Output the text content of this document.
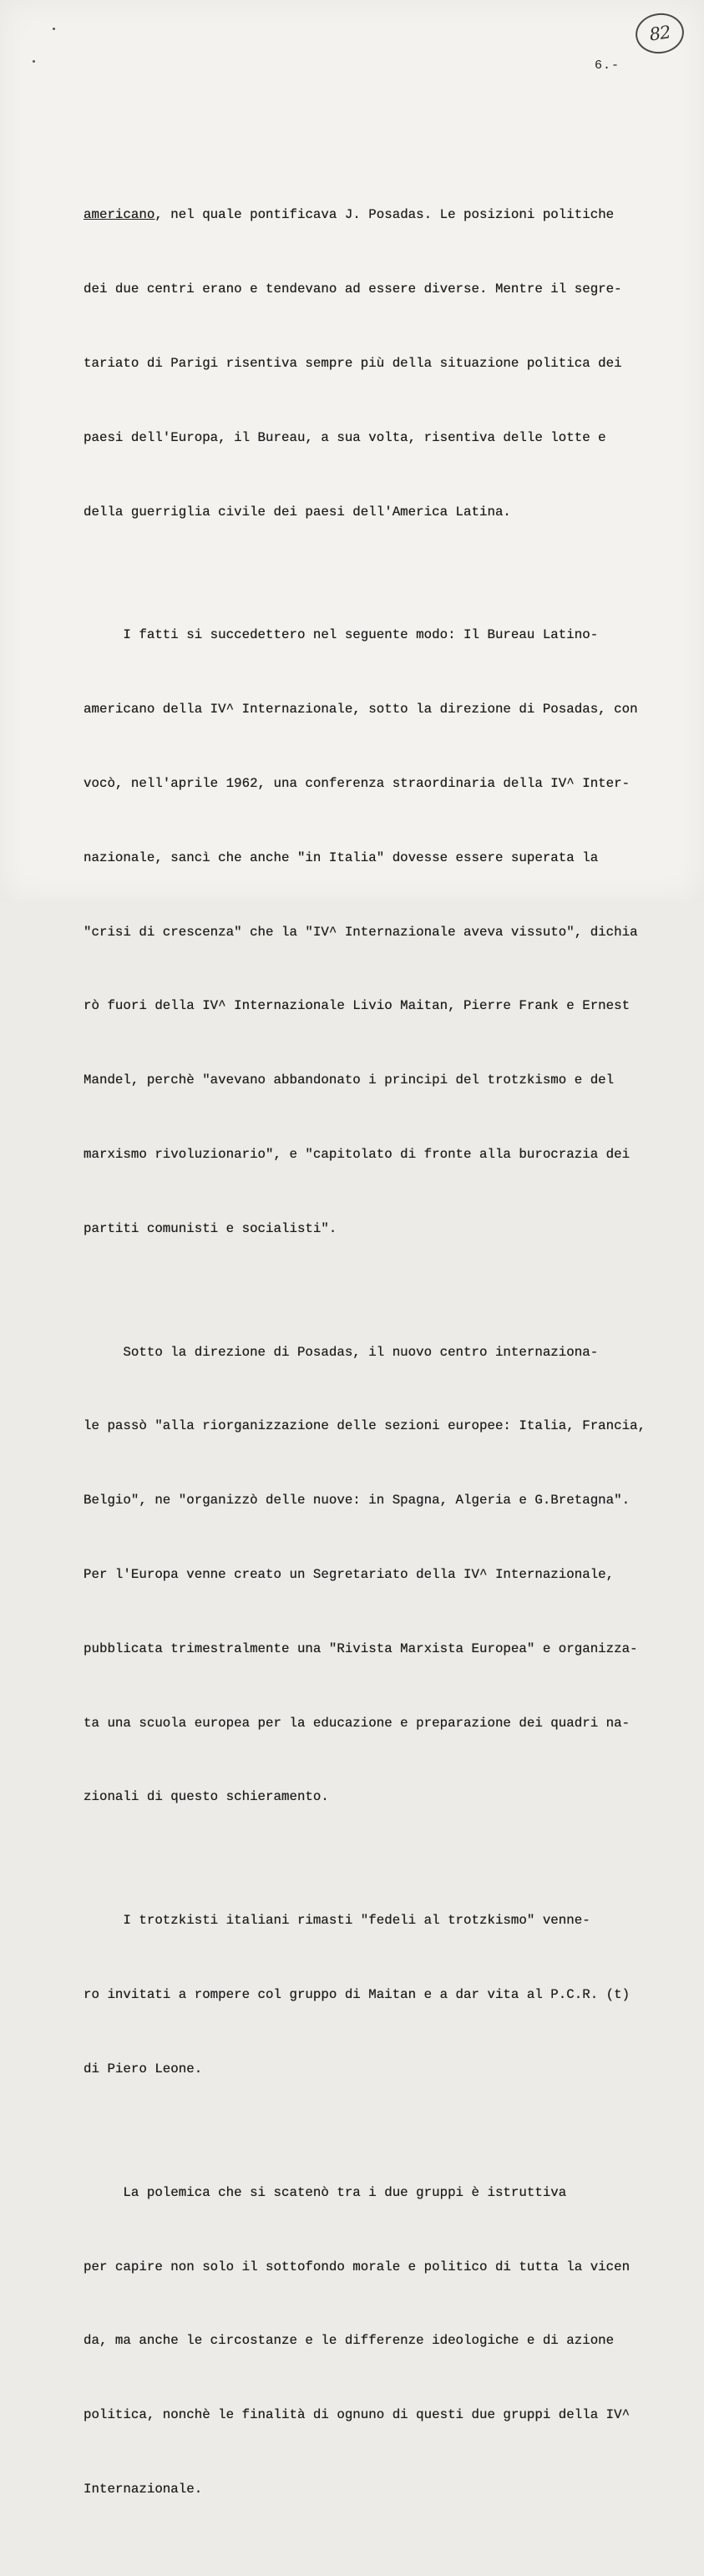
82
6.-

americano, nel quale pontificava J. Posadas. Le posizioni politiche

dei due centri erano e tendevano ad essere diverse. Mentre il segre-

tariato di Parigi risentiva sempre più della situazione politica dei

paesi dell'Europa, il Bureau, a sua volta, risentiva delle lotte e

della guerriglia civile dei paesi dell'America Latina.

I fatti si succedettero nel seguente modo: Il Bureau Latino-

americano della IV^ Internazionale, sotto la direzione di Posadas, con

vocò, nell'aprile 1962, una conferenza straordinaria della IV^ Inter-

nazionale, sancì che anche "in Italia" dovesse essere superata la

"crisi di crescenza" che la "IV^ Internazionale aveva vissuto", dichia

rò fuori della IV^ Internazionale Livio Maitan, Pierre Frank e Ernest

Mandel, perchè "avevano abbandonato i principi del trotzkismo e del

marxismo rivoluzionario", e "capitolato di fronte alla burocrazia dei

partiti comunisti e socialisti".

Sotto la direzione di Posadas, il nuovo centro internaziona-

le passò "alla riorganizzazione delle sezioni europee: Italia, Francia,

Belgio", ne "organizzò delle nuove: in Spagna, Algeria e G.Bretagna".

Per l'Europa venne creato un Segretariato della IV^ Internazionale,

pubblicata trimestralmente una "Rivista Marxista Europea" e organizza-

ta una scuola europea per la educazione e preparazione dei quadri na-

zionali di questo schieramento.

I trotzkisti italiani rimasti "fedeli al trotzkismo" venne-

ro invitati a rompere col gruppo di Maitan e a dar vita al P.C.R. (t)

di Piero Leone.

La polemica che si scatenò tra i due gruppi è istruttiva

per capire non solo il sottofondo morale e politico di tutta la vicen

da, ma anche le circostanze e le differenze ideologiche e di azione

politica, nonchè le finalità di ognuno di questi due gruppi della IV^

Internazionale.
